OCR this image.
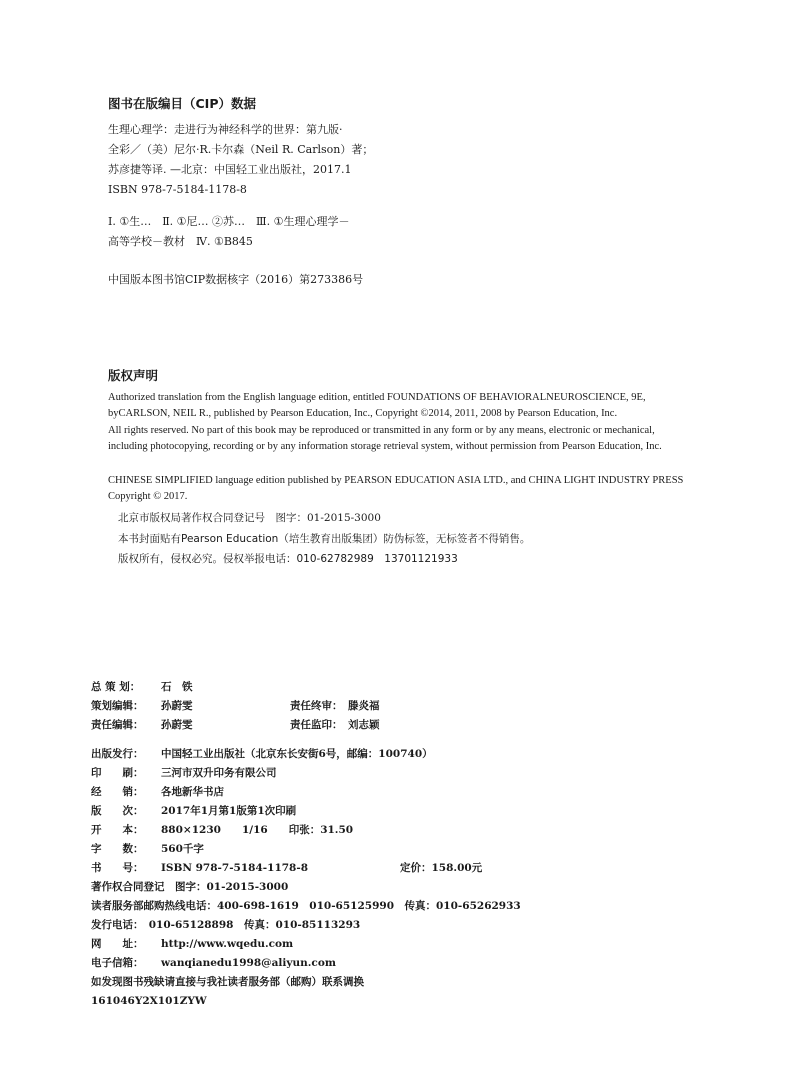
图书在版编目（CIP）数据
生理心理学：走进行为神经科学的世界：第九版·
全彩／（美）尼尔·R.卡尔森（Neil R. Carlson）著；
苏彦捷等译. —北京：中国轻工业出版社，2017.1
ISBN 978-7-5184-1178-8
Ⅰ. ①生…　Ⅱ. ①尼… ②苏…　Ⅲ. ①生理心理学－
高等学校－教材　Ⅳ. ①B845
中国版本图书馆CIP数据核字（2016）第273386号
版权声明
Authorized translation from the English language edition, entitled FOUNDATIONS OF BEHAVIORALNEUROSCIENCE, 9E, byCARLSON, NEIL R., published by Pearson Education, Inc., Copyright ©2014, 2011, 2008 by Pearson Education, Inc.
All rights reserved. No part of this book may be reproduced or transmitted in any form or by any means, electronic or mechanical, including photocopying, recording or by any information storage retrieval system, without permission from Pearson Education, Inc.
CHINESE SIMPLIFIED language edition published by PEARSON EDUCATION ASIA LTD., and CHINA LIGHT INDUSTRY PRESS Copyright © 2017.
北京市版权局著作权合同登记号　图字：01-2015-3000
本书封面贴有Pearson Education（培生教育出版集团）防伪标签，无标签者不得销售。
版权所有，侵权必究。侵权举报电话：010-62782989　13701121933
总 策 划： 石　铁
策划编辑： 孙蔚雯	责任终审： 滕炎福
责任编辑： 孙蔚雯	责任监印： 刘志颖
出版发行： 中国轻工业出版社（北京东长安街6号，邮编：100740）
印　　刷： 三河市双升印务有限公司
经　　销： 各地新华书店
版　　次： 2017年1月第1版第1次印刷
开　　本： 880×1230　　1/16　　印张：31.50
字　　数： 560千字
书　　号： ISBN 978-7-5184-1178-8	定价：158.00元
著作权合同登记　图字：01-2015-3000
读者服务部邮购热线电话：400-698-1619　010-65125990　传真：010-65262933
发行电话：　010-65128898　传真：010-85113293
网　　址： http://www.wqedu.com
电子信箱： wanqianedu1998@aliyun.com
如发现图书残缺请直接与我社读者服务部（邮购）联系调换
161046Y2X101ZYW
